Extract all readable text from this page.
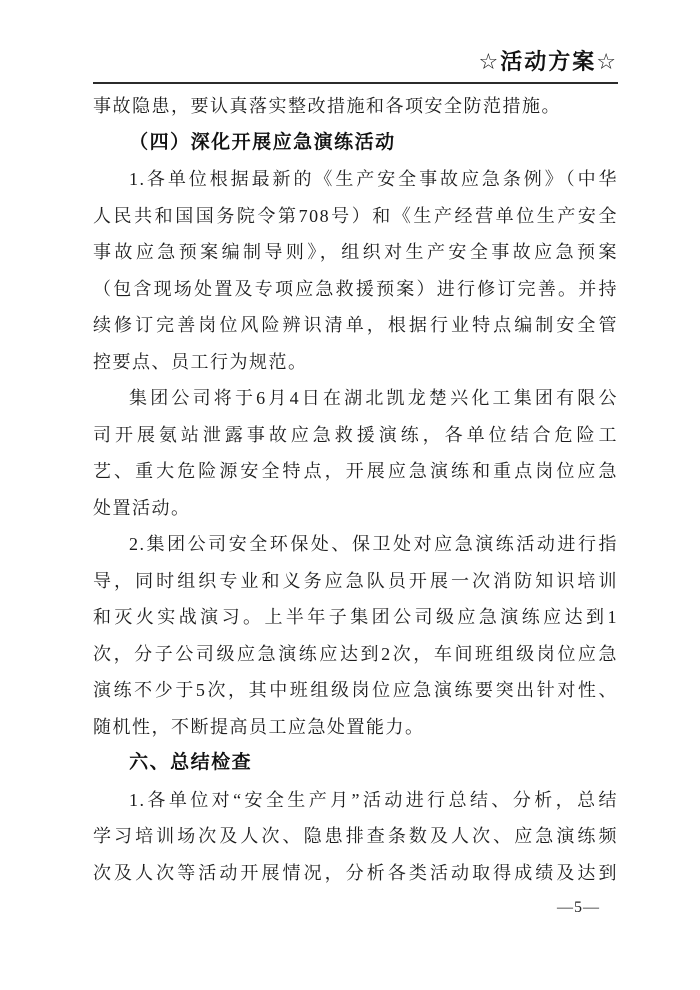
☆活动方案☆
事故隐患，要认真落实整改措施和各项安全防范措施。
（四）深化开展应急演练活动
1.各单位根据最新的《生产安全事故应急条例》（中华
人民共和国国务院令第708号）和《生产经营单位生产安全
事故应急预案编制导则》，组织对生产安全事故应急预案
（包含现场处置及专项应急救援预案）进行修订完善。并持
续修订完善岗位风险辨识清单，根据行业特点编制安全管
控要点、员工行为规范。
集团公司将于6月4日在湖北凯龙楚兴化工集团有限公
司开展氨站泄露事故应急救援演练，各单位结合危险工
艺、重大危险源安全特点，开展应急演练和重点岗位应急
处置活动。
2.集团公司安全环保处、保卫处对应急演练活动进行指
导，同时组织专业和义务应急队员开展一次消防知识培训
和灭火实战演习。上半年子集团公司级应急演练应达到1
次，分子公司级应急演练应达到2次，车间班组级岗位应急
演练不少于5次，其中班组级岗位应急演练要突出针对性、
随机性，不断提高员工应急处置能力。
六、总结检查
1.各单位对“安全生产月”活动进行总结、分析，总结
学习培训场次及人次、隐患排查条数及人次、应急演练频
次及人次等活动开展情况，分析各类活动取得成绩及达到
—5—
